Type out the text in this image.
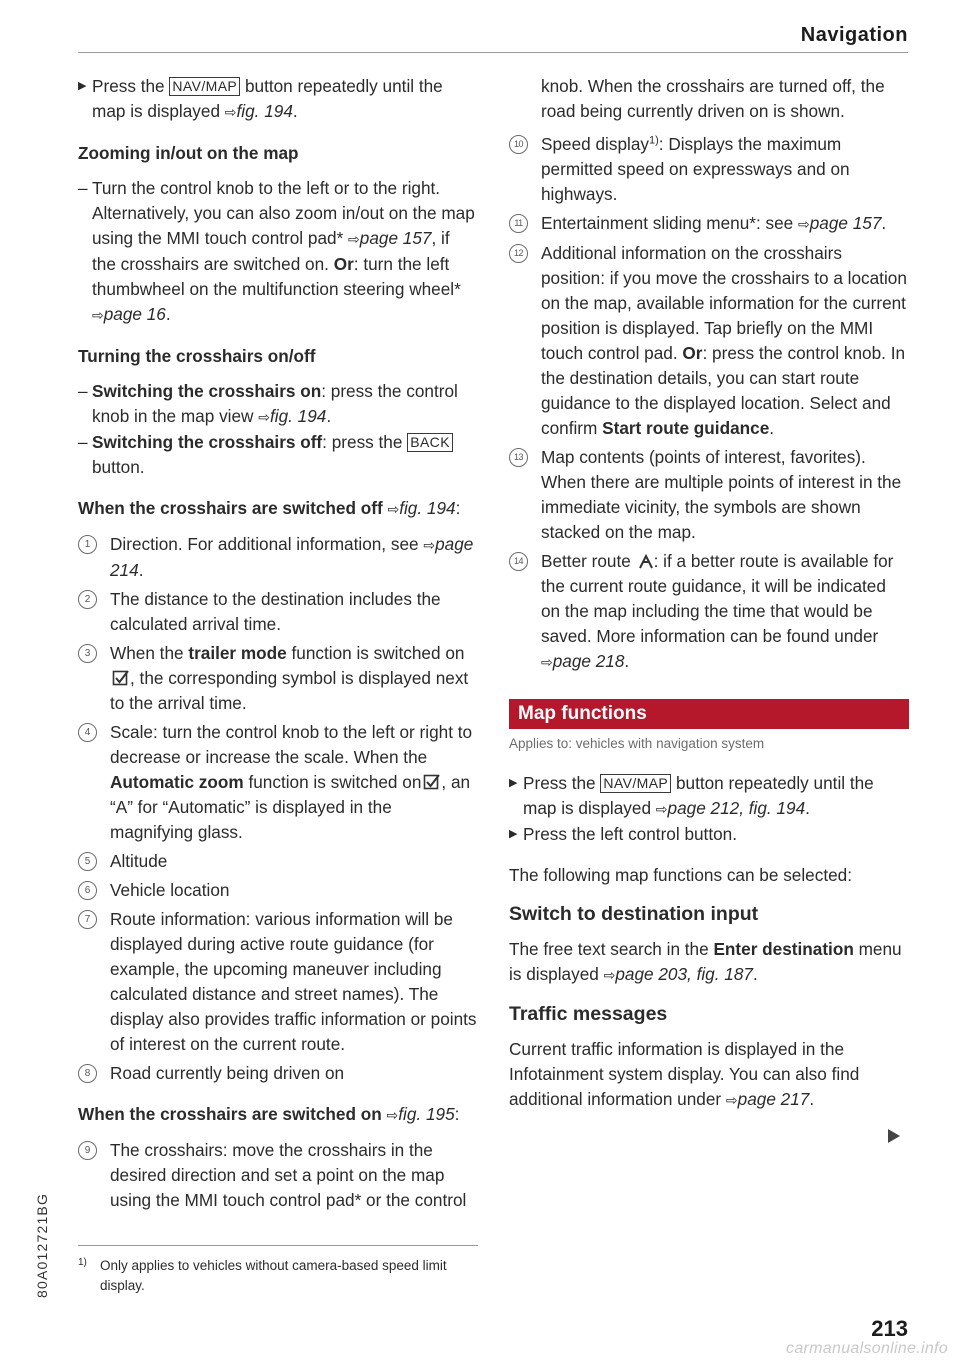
Navigation

▶ Press the NAV/MAP button repeatedly until the map is displayed ⇨fig. 194.

Zooming in/out on the map

– Turn the control knob to the left or to the right. Alternatively, you can also zoom in/out on the map using the MMI touch control pad* ⇨page 157, if the crosshairs are switched on. Or: turn the left thumbwheel on the multifunction steering wheel* ⇨page 16.

Turning the crosshairs on/off

– Switching the crosshairs on: press the control knob in the map view ⇨fig. 194.

– Switching the crosshairs off: press the BACK button.

When the crosshairs are switched off ⇨fig. 194:

1	Direction. For additional information, see ⇨page 214.
2	The distance to the destination includes the calculated arrival time.
3	When the trailer mode function is switched on, the corresponding symbol is displayed next to the arrival time.
4	Scale: turn the control knob to the left or right to decrease or increase the scale. When the Automatic zoom function is switched on , an “A” for “Automatic” is displayed in the magnifying glass.
5	Altitude
6	Vehicle location
7	Route information: various information will be displayed during active route guidance (for example, the upcoming maneuver including calculated distance and street names). The display also provides traffic information or points of interest on the current route.
8	Road currently being driven on

When the crosshairs are switched on ⇨fig. 195:

9	The crosshairs: move the crosshairs in the desired direction and set a point on the map using the MMI touch control pad* or the control

knob. When the crosshairs are turned off, the road being currently driven on is shown.

10 Speed display$^{1)}$: Displays the maximum permitted speed on expressways and on highways.
11	Entertainment sliding menu*: see ⇨page 157.
12 Additional information on the crosshairs position: if you move the crosshairs to a location on the map, available information for the current position is displayed. Tap briefly on the MMI touch control pad. Or: press the control knob. In the destination details, you can start route guidance to the displayed location. Select and confirm Start route guidance.
13 Map contents (points of interest, favorites). When there are multiple points of interest in the immediate vicinity, the symbols are shown stacked on the map.
14 Better route : if a better route is available for the current route guidance, it will be indicated on the map including the time that would be saved. More information can be found under ⇨page 218.
Map functions

Applies to: vehicles with navigation system

▶ Press the NAV/MAP button repeatedly until the map is displayed ⇨page 212, fig. 194.

▶ Press the left control button.

The following map functions can be selected:

Switch to destination input

The free text search in the Enter destination menu is displayed ⇨page 203, fig. 187.

Traffic messages

Current traffic information is displayed in the Infotainment system display. You can also find additional information under ⇨page 217.

1) Only applies to vehicles without camera-based speed limit display.
80A012721BG
213
carmanualsonline.info
